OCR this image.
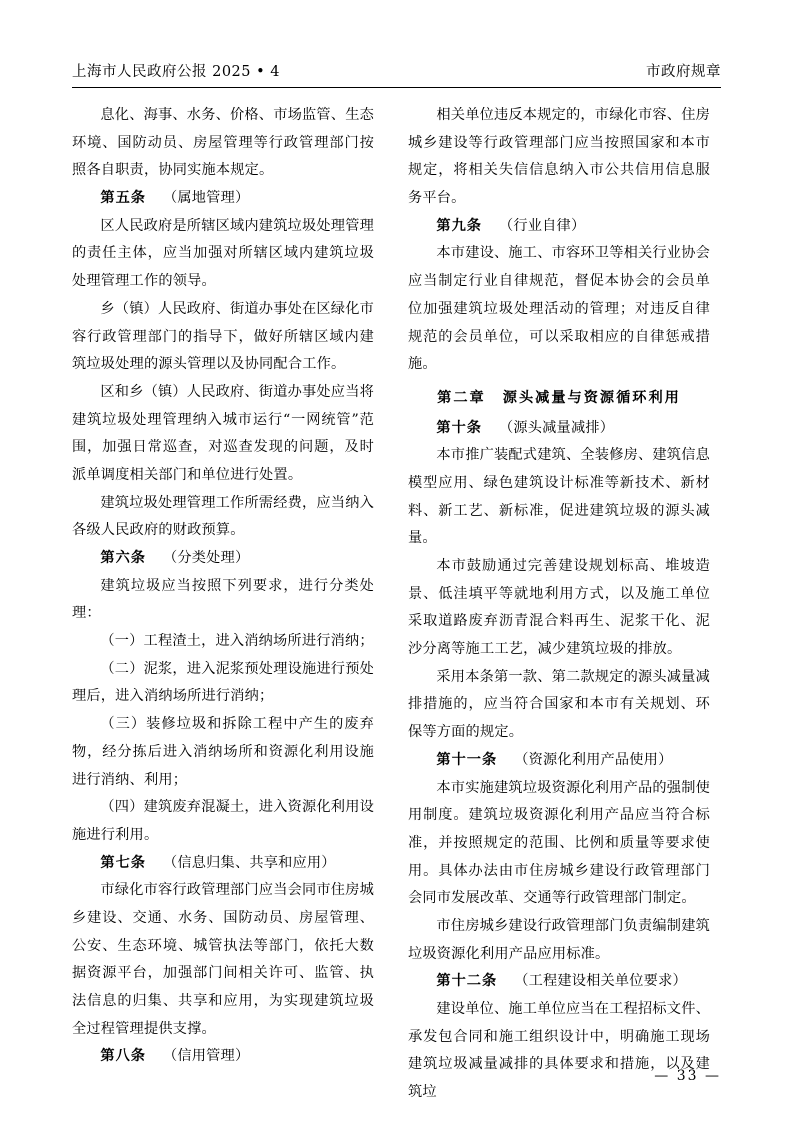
上海市人民政府公报 2025 • 4	市政府规章

息化、海事、水务、价格、市场监管、生态环境、国防动员、房屋管理等行政管理部门按照各自职责，协同实施本规定。

第五条 （属地管理）

区人民政府是所辖区域内建筑垃圾处理管理的责任主体，应当加强对所辖区域内建筑垃圾处理管理工作的领导。

乡（镇）人民政府、街道办事处在区绿化市容行政管理部门的指导下，做好所辖区域内建筑垃圾处理的源头管理以及协同配合工作。

区和乡（镇）人民政府、街道办事处应当将建筑垃圾处理管理纳入城市运行“一网统管”范围，加强日常巡查，对巡查发现的问题，及时派单调度相关部门和单位进行处置。

建筑垃圾处理管理工作所需经费，应当纳入各级人民政府的财政预算。

第六条 （分类处理）

建筑垃圾应当按照下列要求，进行分类处理：

（一）工程渣土，进入消纳场所进行消纳；

（二）泥浆，进入泥浆预处理设施进行预处理后，进入消纳场所进行消纳；

（三）装修垃圾和拆除工程中产生的废弃物，经分拣后进入消纳场所和资源化利用设施进行消纳、利用；

（四）建筑废弃混凝土，进入资源化利用设施进行利用。

第七条 （信息归集、共享和应用）

市绿化市容行政管理部门应当会同市住房城乡建设、交通、水务、国防动员、房屋管理、公安、生态环境、城管执法等部门，依托大数据资源平台，加强部门间相关许可、监管、执法信息的归集、共享和应用，为实现建筑垃圾全过程管理提供支撑。

第八条 （信用管理）

相关单位违反本规定的，市绿化市容、住房城乡建设等行政管理部门应当按照国家和本市规定，将相关失信信息纳入市公共信用信息服务平台。

第九条 （行业自律）

本市建设、施工、市容环卫等相关行业协会应当制定行业自律规范，督促本协会的会员单位加强建筑垃圾处理活动的管理；对违反自律规范的会员单位，可以采取相应的自律惩戒措施。

第二章 源头减量与资源循环利用

第十条 （源头减量减排）

本市推广装配式建筑、全装修房、建筑信息模型应用、绿色建筑设计标准等新技术、新材料、新工艺、新标准，促进建筑垃圾的源头减量。

本市鼓励通过完善建设规划标高、堆坡造景、低洼填平等就地利用方式，以及施工单位采取道路废弃沥青混合料再生、泥浆干化、泥沙分离等施工工艺，减少建筑垃圾的排放。

采用本条第一款、第二款规定的源头减量减排措施的，应当符合国家和本市有关规划、环保等方面的规定。

第十一条 （资源化利用产品使用）

本市实施建筑垃圾资源化利用产品的强制使用制度。建筑垃圾资源化利用产品应当符合标准，并按照规定的范围、比例和质量等要求使用。具体办法由市住房城乡建设行政管理部门会同市发展改革、交通等行政管理部门制定。

市住房城乡建设行政管理部门负责编制建筑垃圾资源化利用产品应用标准。

第十二条 （工程建设相关单位要求）

建设单位、施工单位应当在工程招标文件、承发包合同和施工组织设计中，明确施工现场建筑垃圾减量减排的具体要求和措施，以及建筑垃

— 33 —
